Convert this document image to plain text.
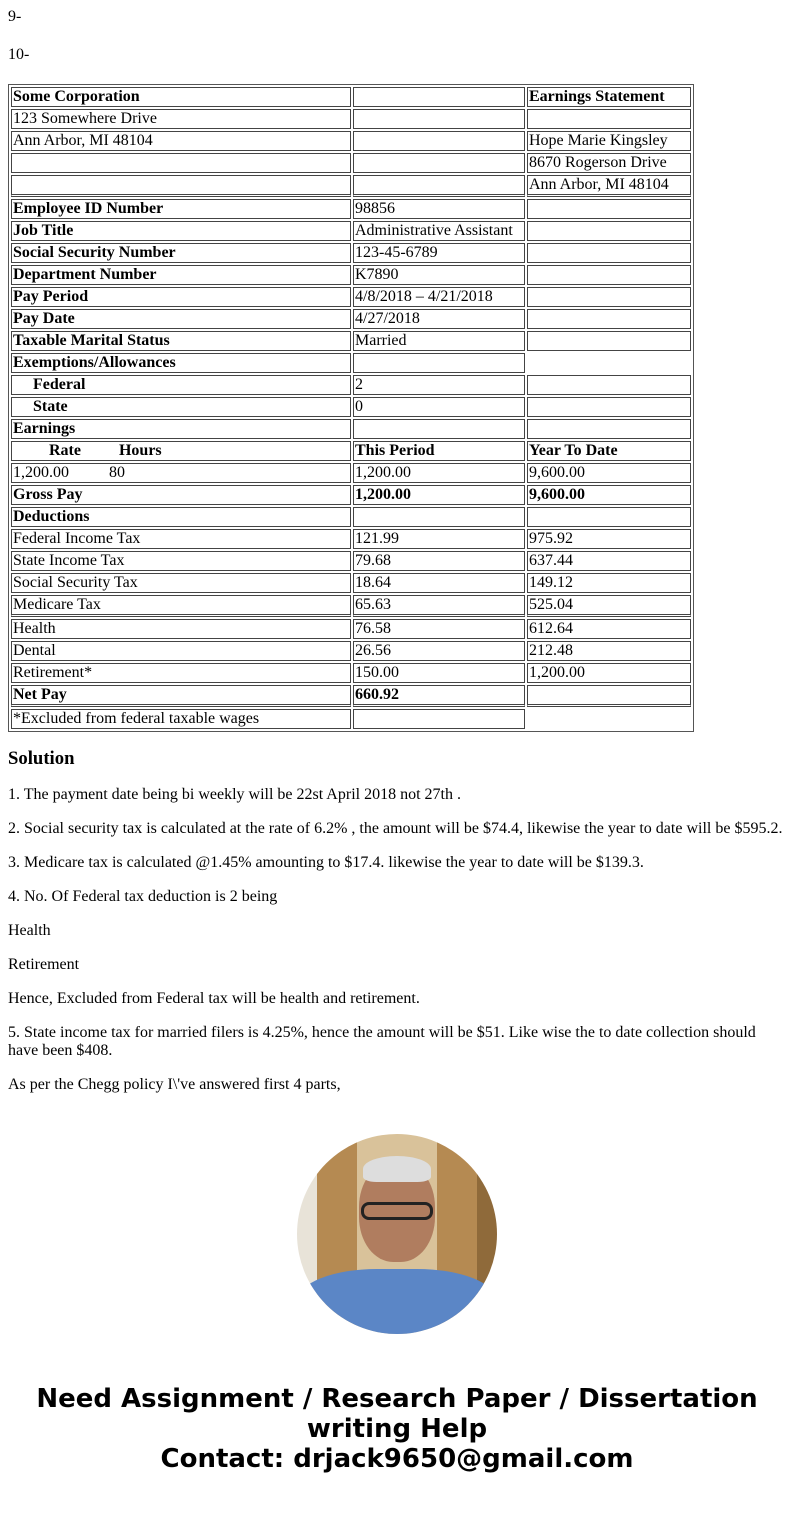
9-

10-

Some Corporation		Earnings Statement
123 Somewhere Drive		
Ann Arbor, MI 48104		Hope Marie Kingsley
		8670 Rogerson Drive
		Ann Arbor, MI 48104
Employee ID Number	98856	
Job Title	Administrative Assistant	
Social Security Number	123-45-6789	
Department Number	K7890	
Pay Period	4/8/2018 – 4/21/2018	
Pay Date	4/27/2018	
Taxable Marital Status	Married	
Exemptions/Allowances		
Federal	2	
State	0	
Earnings		
Rate Hours	This Period	Year To Date
1,200.00 80	1,200.00	9,600.00
Gross Pay	1,200.00	9,600.00
Deductions		
Federal Income Tax	121.99	975.92
State Income Tax	79.68	637.44
Social Security Tax	18.64	149.12
Medicare Tax	65.63	525.04
Health	76.58	612.64
Dental	26.56	212.48
Retirement*	150.00	1,200.00
Net Pay	660.92	
*Excluded from federal taxable wages		
Solution

1. The payment date being bi weekly will be 22st April 2018 not 27th .

2. Social security tax is calculated at the rate of 6.2% , the amount will be $74.4, likewise the year to date will be $595.2.

3. Medicare tax is calculated @1.45% amounting to $17.4. likewise the year to date will be $139.3.

4. No. Of Federal tax deduction is 2 being

Health

Retirement

Hence, Excluded from Federal tax will be health and retirement.

5. State income tax for married filers is 4.25%, hence the amount will be $51. Like wise the to date collection should have been $408.

As per the Chegg policy I\'ve answered first 4 parts,

Need Assignment / Research Paper / Dissertation writing Help
Contact: drjack9650@gmail.com
